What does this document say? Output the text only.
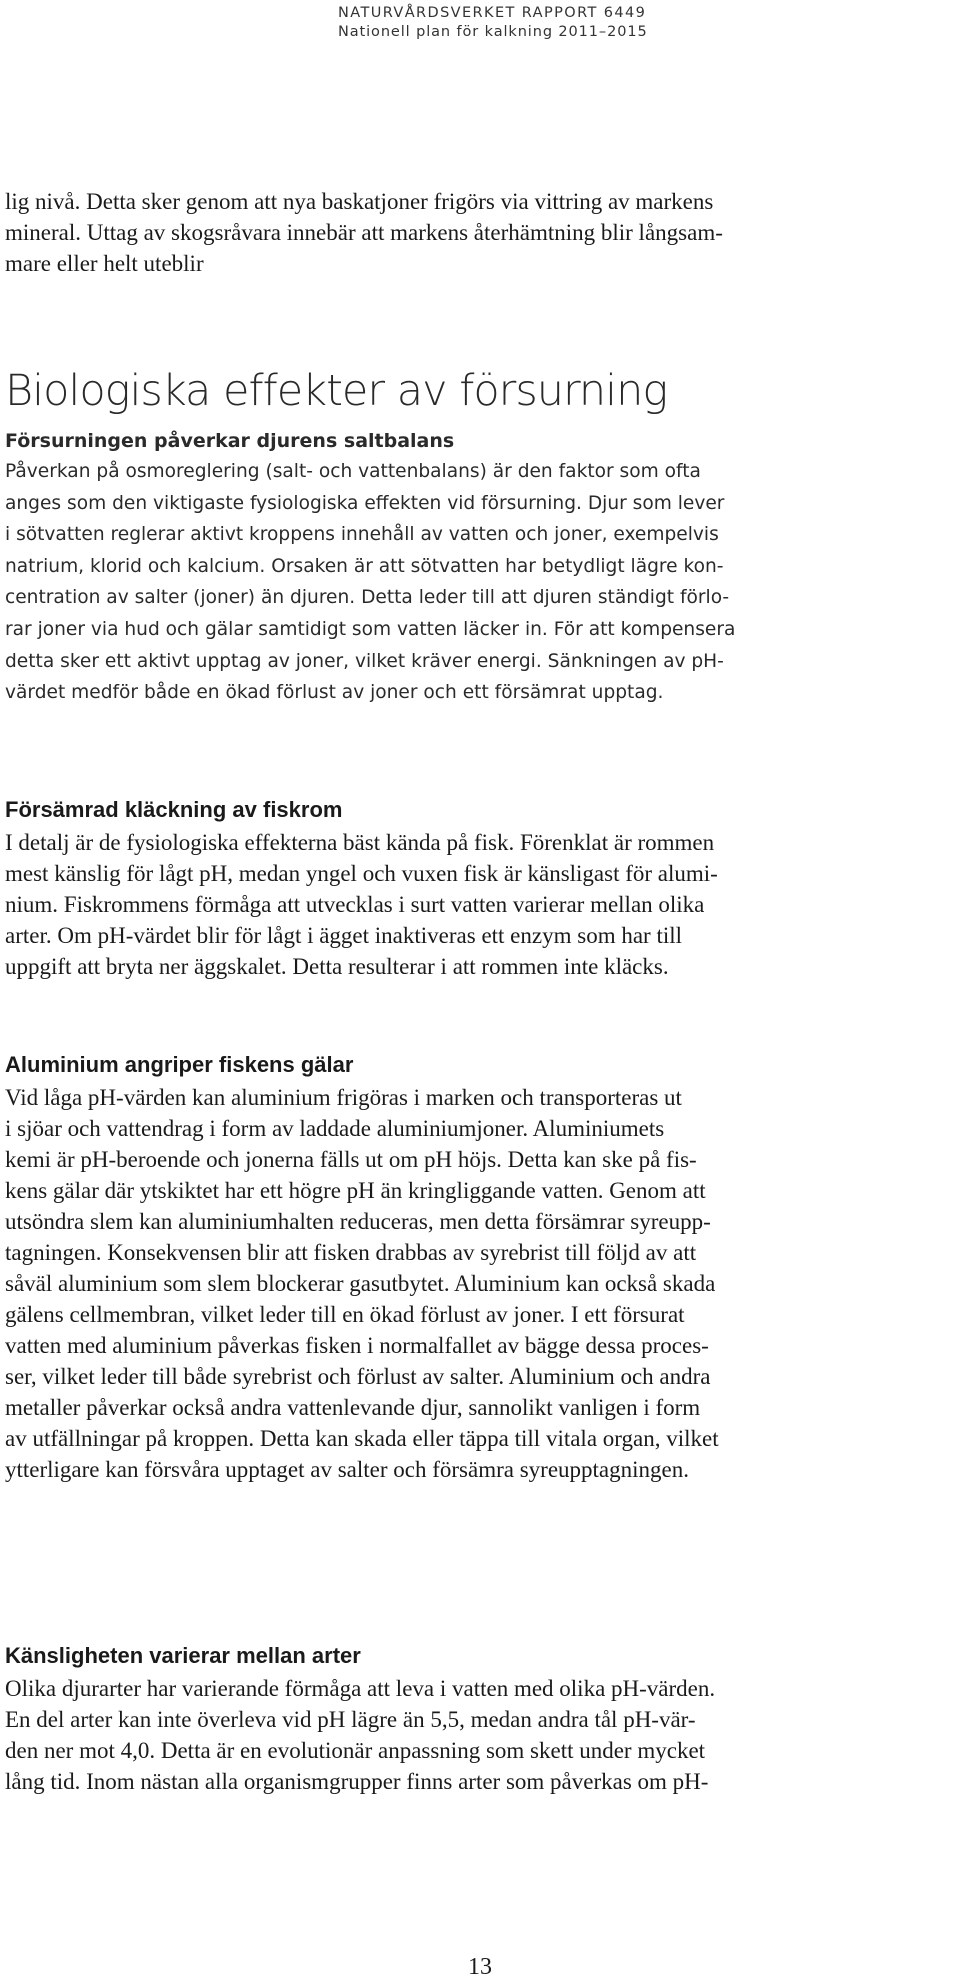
NATURVÅRDSVERKET RAPPORT 6449
Nationell plan för kalkning 2011–2015

lig nivå. Detta sker genom att nya baskatjoner frigörs via vittring av markens
mineral. Uttag av skogsråvara innebär att markens återhämtning blir långsam-
mare eller helt uteblir

Biologiska effekter av försurning
Försurningen påverkar djurens saltbalans

Påverkan på osmoreglering (salt- och vattenbalans) är den faktor som ofta
anges som den viktigaste fysiologiska effekten vid försurning. Djur som lever
i sötvatten reglerar aktivt kroppens innehåll av vatten och joner, exempelvis
natrium, klorid och kalcium. Orsaken är att sötvatten har betydligt lägre kon-
centration av salter (joner) än djuren. Detta leder till att djuren ständigt förlo-
rar joner via hud och gälar samtidigt som vatten läcker in. För att kompensera
detta sker ett aktivt upptag av joner, vilket kräver energi. Sänkningen av pH-
värdet medför både en ökad förlust av joner och ett försämrat upptag.

Försämrad kläckning av fiskrom

I detalj är de fysiologiska effekterna bäst kända på fisk. Förenklat är rommen
mest känslig för lågt pH, medan yngel och vuxen fisk är känsligast för alumi-
nium. Fiskrommens förmåga att utvecklas i surt vatten varierar mellan olika
arter. Om pH-värdet blir för lågt i ägget inaktiveras ett enzym som har till
uppgift att bryta ner äggskalet. Detta resulterar i att rommen inte kläcks.

Aluminium angriper fiskens gälar

Vid låga pH-värden kan aluminium frigöras i marken och transporteras ut
i sjöar och vattendrag i form av laddade aluminiumjoner. Aluminiumets
kemi är pH-beroende och jonerna fälls ut om pH höjs. Detta kan ske på fis-
kens gälar där ytskiktet har ett högre pH än kringliggande vatten. Genom att
utsöndra slem kan aluminiumhalten reduceras, men detta försämrar syreupp-
tagningen. Konsekvensen blir att fisken drabbas av syrebrist till följd av att
såväl aluminium som slem blockerar gasutbytet. Aluminium kan också skada
gälens cellmembran, vilket leder till en ökad förlust av joner. I ett försurat
vatten med aluminium påverkas fisken i normalfallet av bägge dessa proces-
ser, vilket leder till både syrebrist och förlust av salter. Aluminium och andra
metaller påverkar också andra vattenlevande djur, sannolikt vanligen i form
av utfällningar på kroppen. Detta kan skada eller täppa till vitala organ, vilket
ytterligare kan försvåra upptaget av salter och försämra syreupptagningen.

Känsligheten varierar mellan arter

Olika djurarter har varierande förmåga att leva i vatten med olika pH-värden.
En del arter kan inte överleva vid pH lägre än 5,5, medan andra tål pH-vär-
den ner mot 4,0. Detta är en evolutionär anpassning som skett under mycket
lång tid. Inom nästan alla organismgrupper finns arter som påverkas om pH-

13
